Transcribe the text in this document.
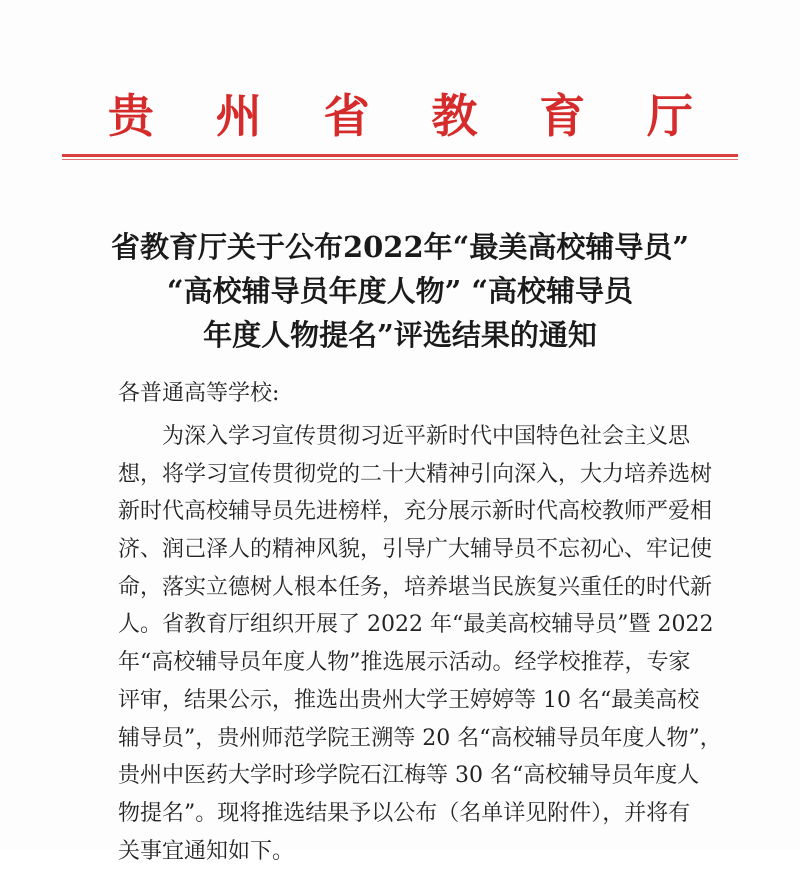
贵 州 省 教 育 厅
省教育厅关于公布2022年“最美高校辅导员”
“高校辅导员年度人物” “高校辅导员
年度人物提名”评选结果的通知
各普通高等学校:
为深入学习宣传贯彻习近平新时代中国特色社会主义思
想，将学习宣传贯彻党的二十大精神引向深入，大力培养选树
新时代高校辅导员先进榜样，充分展示新时代高校教师严爱相
济、润己泽人的精神风貌，引导广大辅导员不忘初心、牢记使
命，落实立德树人根本任务，培养堪当民族复兴重任的时代新
人。省教育厅组织开展了 2022 年“最美高校辅导员”暨 2022
年“高校辅导员年度人物”推选展示活动。经学校推荐，专家
评审，结果公示，推选出贵州大学王婷婷等 10 名“最美高校
辅导员”，贵州师范学院王溯等 20 名“高校辅导员年度人物”，
贵州中医药大学时珍学院石江梅等 30 名“高校辅导员年度人
物提名”。现将推选结果予以公布（名单详见附件），并将有
关事宜通知如下。
